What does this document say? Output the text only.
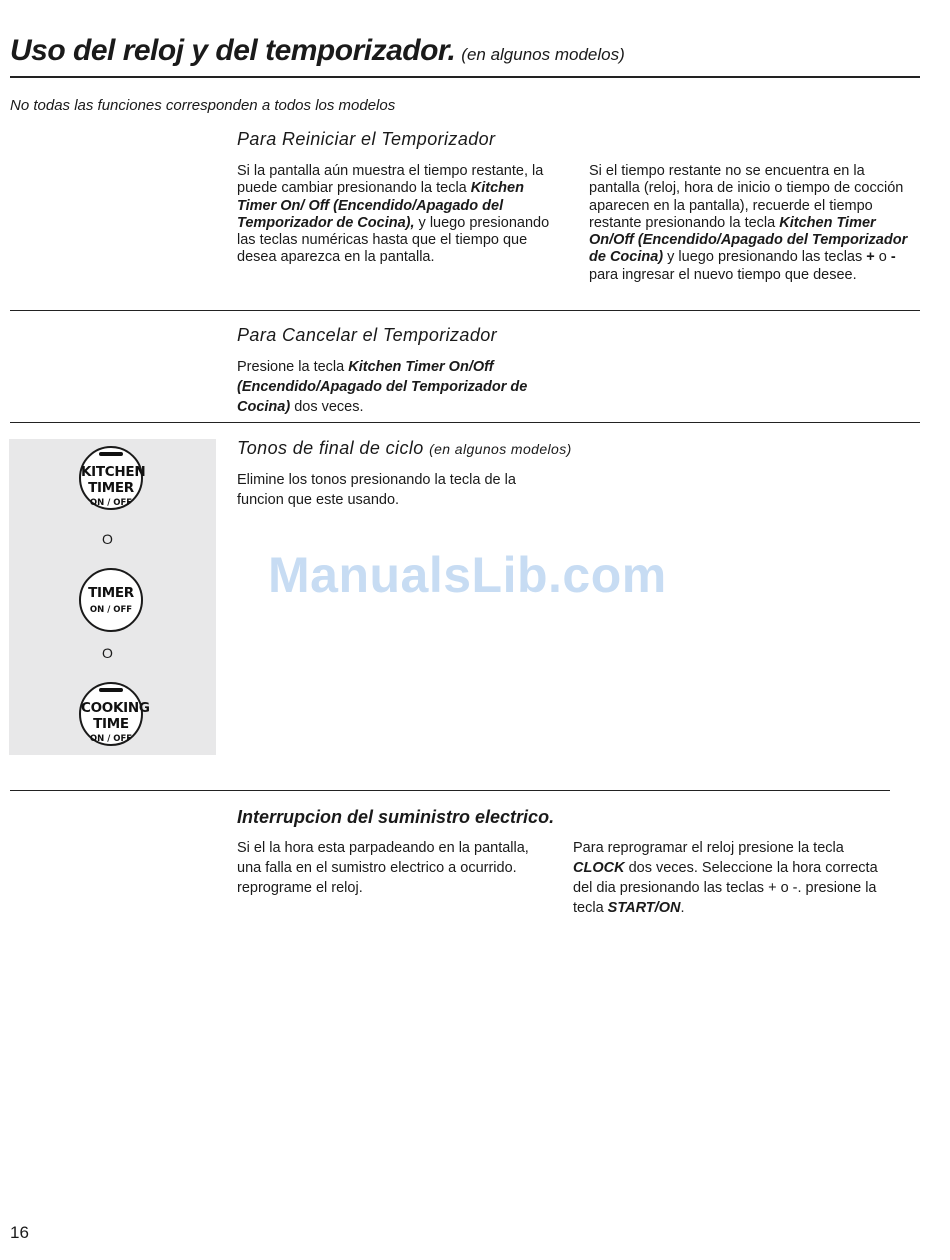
Uso del reloj y del temporizador. (en algunos modelos)
No todas las funciones corresponden a todos los modelos
Para Reiniciar el Temporizador
Si la pantalla aún muestra el tiempo restante, la puede cambiar presionando la tecla Kitchen Timer On/ Off (Encendido/Apagado del Temporizador de Cocina), y luego presionando las teclas numéricas hasta que el tiempo que desea aparezca en la pantalla.
Si el tiempo restante no se encuentra en la pantalla (reloj, hora de inicio o tiempo de cocción aparecen en la pantalla), recuerde el tiempo restante presionando la tecla Kitchen Timer On/Off (Encendido/Apagado del Temporizador de Cocina) y luego presionando las teclas + o - para ingresar el nuevo tiempo que desee.
Para Cancelar el Temporizador
Presione la tecla Kitchen Timer On/Off (Encendido/Apagado del Temporizador de Cocina) dos veces.
KITCHEN
TIMER
ON / OFF
O
TIMER
ON / OFF
O
COOKING
TIME
ON / OFF
Tonos de final de ciclo (en algunos modelos)
Elimine los tonos presionando la tecla de la funcion que este usando.
ManualsLib.com
Interrupcion del suministro electrico.
Si el la hora esta parpadeando en la pantalla, una falla en el sumistro electrico a ocurrido. reprograme el reloj.
Para reprogramar el reloj presione la tecla CLOCK dos veces. Seleccione la hora correcta del dia presionando las teclas + o -. presione la tecla START/ON.
16
